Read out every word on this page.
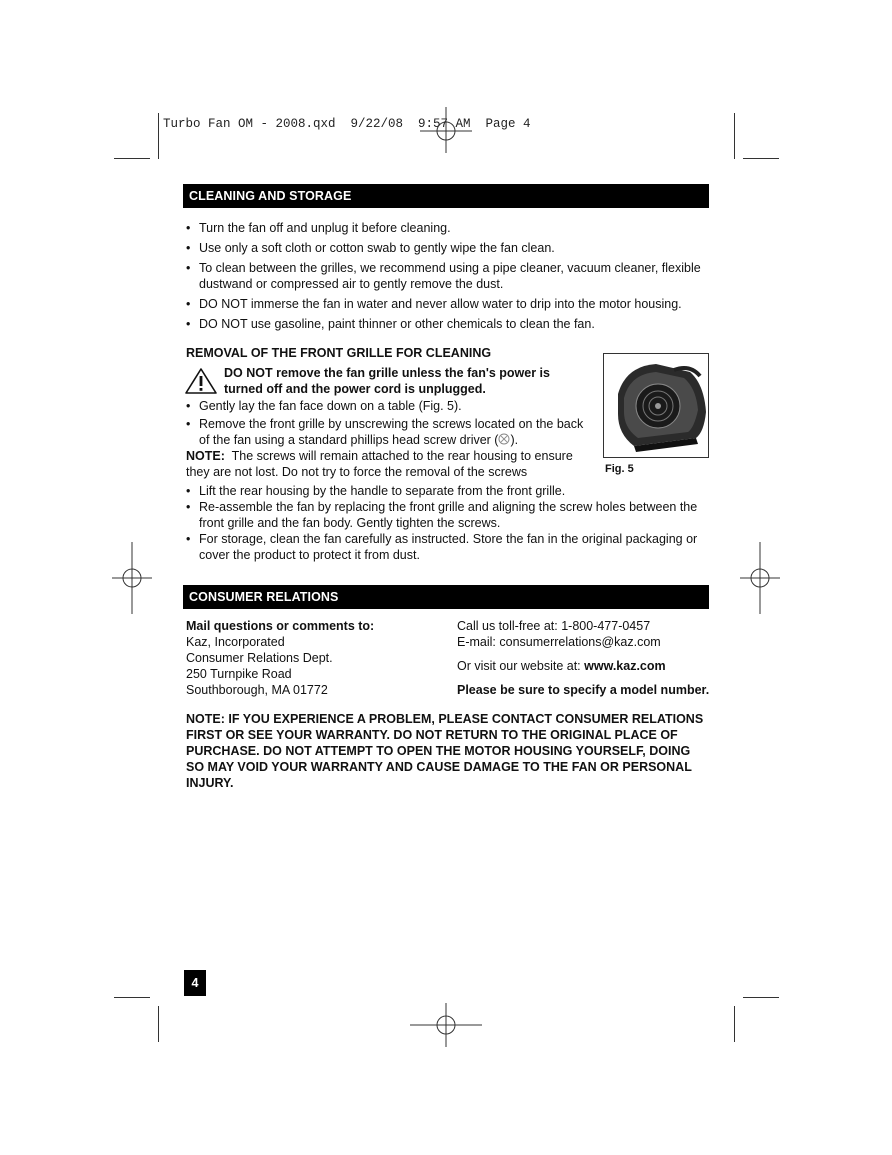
Turbo Fan OM - 2008.qxd  9/22/08  9:57 AM  Page 4
CLEANING AND STORAGE
• Turn the fan off and unplug it before cleaning.
• Use only a soft cloth or cotton swab to gently wipe the fan clean.
• To clean between the grilles, we recommend using a pipe cleaner, vacuum cleaner, flexible dustwand or compressed air to gently remove the dust.
• DO NOT immerse the fan in water and never allow water to drip into the motor housing.
• DO NOT use gasoline, paint thinner or other chemicals to clean the fan.
REMOVAL OF THE FRONT GRILLE FOR CLEANING
DO NOT remove the fan grille unless the fan's power is turned off and the power cord is unplugged.
• Gently lay the fan face down on a table (Fig. 5).
• Remove the front grille by unscrewing the screws located on the back of the fan using a standard phillips head screw driver ( ).
NOTE: The screws will remain attached to the rear housing to ensure they are not lost. Do not try to force the removal of the screws	Fig. 5
• Lift the rear housing by the handle to separate from the front grille.
• Re-assemble the fan by replacing the front grille and aligning the screw holes between the front grille and the fan body. Gently tighten the screws.
• For storage, clean the fan carefully as instructed. Store the fan in the original packaging or cover the product to protect it from dust.
CONSUMER RELATIONS
Mail questions or comments to:
Kaz, Incorporated
Consumer Relations Dept.
250 Turnpike Road
Southborough, MA 01772
Call us toll-free at: 1-800-477-0457
E-mail: consumerrelations@kaz.com
Or visit our website at: www.kaz.com
Please be sure to specify a model number.
NOTE: IF YOU EXPERIENCE A PROBLEM, PLEASE CONTACT CONSUMER RELATIONS FIRST OR SEE YOUR WARRANTY. DO NOT RETURN TO THE ORIGINAL PLACE OF PURCHASE. DO NOT ATTEMPT TO OPEN THE MOTOR HOUSING YOURSELF, DOING SO MAY VOID YOUR WARRANTY AND CAUSE DAMAGE TO THE FAN OR PERSONAL INJURY.
4
